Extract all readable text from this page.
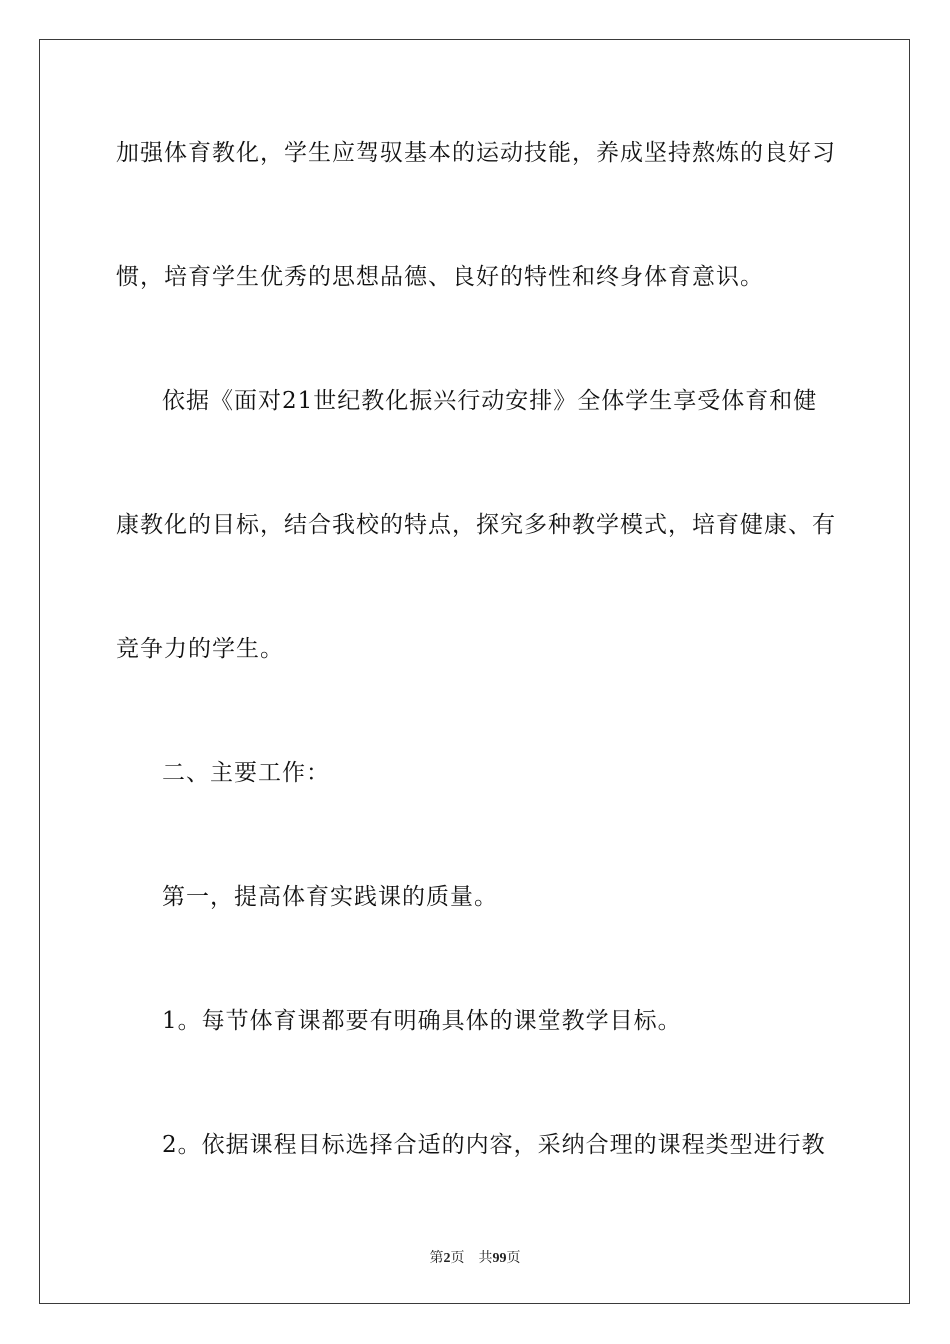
加强体育教化，学生应驾驭基本的运动技能，养成坚持熬炼的良好习
惯，培育学生优秀的思想品德、良好的特性和终身体育意识。
依据《面对21世纪教化振兴行动安排》全体学生享受体育和健
康教化的目标，结合我校的特点，探究多种教学模式，培育健康、有
竞争力的学生。
二、主要工作：
第一，提高体育实践课的质量。
1。每节体育课都要有明确具体的课堂教学目标。
2。依据课程目标选择合适的内容，采纳合理的课程类型进行教
第2页 共99页
